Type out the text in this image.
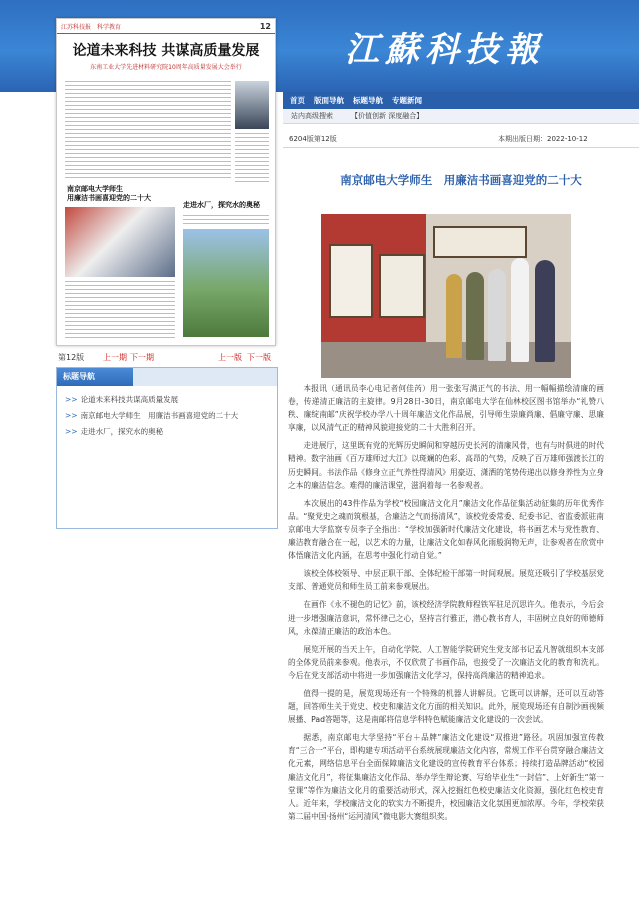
江蘇科技報
江苏科技报 科学教育	12
论道未来科技 共谋高质量发展
东南工业大学先进材料研究院10周年高质量发展大会举行
南京邮电大学师生
用廉洁书画喜迎党的二十大
走进水厂，探究水的奥秘
第12版 上一期 下一期	上一版 下一版
标题导航
>> 论道未来科技共谋高质量发展
>> 南京邮电大学师生　用廉洁书画喜迎党的二十大
>> 走进水厂，探究水的奥秘
首页 版面导航 标题导航 专题新闻
站内高级搜索	【价值创新 深度融合】
6204版第12版	本期出版日期：2022-10-12
南京邮电大学师生　用廉洁书画喜迎党的二十大

本报讯（通讯员李心电记者何佳芮）用一张张写满正气的书法、用一幅幅描绘清廉的画卷，传递清正廉洁的主旋律。9月28日-30日，南京邮电大学在仙林校区图书馆举办“礼赞八秩、廉绽南邮”庆祝学校办学八十周年廉洁文化作品展，引导师生崇廉尚廉、倡廉守廉、思廉享廉，以风清气正的精神风貌迎接党的二十大胜利召开。

走进展厅，这里既有党的光辉历史瞬间和穿越历史长河的清廉风骨，也有与时俱进的时代精神。数字油画《百万雄师过大江》以斑斓的色彩、高昂的气势，反映了百万雄师强渡长江的历史瞬间。书法作品《修身立正气养性得清风》用豪迈、潇洒的笔势传递出以修身养性为立身之本的廉洁信念。难得的廉洁课堂，滋润着每一名参观者。

本次展出的43件作品为学校“校园廉洁文化月”廉洁文化作品征集活动征集的历年优秀作品。“聚党史之魂而筑根基，合廉洁之气而扬清风”，该校党委常委、纪委书记、省监委派驻南京邮电大学监察专员李子全指出：“学校加强新时代廉洁文化建设，将书画艺术与党性教育、廉洁教育融合在一起，以艺术的力量，让廉洁文化如春风化雨般润物无声，让参观者在欣赏中体悟廉洁文化内涵，在思考中强化行动自觉。”

该校全体校领导、中层正职干部、全体纪检干部第一时间观展。展览还吸引了学校基层党支部、普通党员和师生员工前来参观展出。

在画作《永不褪色的记忆》前，该校经济学院教师程铁军驻足沉思许久。他表示，今后会进一步增强廉洁意识，常怀律己之心，坚持言行雅正，潜心教书育人，丰固树立良好的师德师风，永葆清正廉洁的政治本色。

展览开展的当天上午，自动化学院、人工智能学院研究生党支部书记孟凡智就组织本支部的全体党员前来参观。他表示，不仅欣赏了书画作品，也接受了一次廉洁文化的教育和洗礼。今后在党支部活动中将进一步加强廉洁文化学习，保持高尚廉洁的精神追求。

值得一提的是，展览现场还有一个特殊的机器人讲解员。它既可以讲解，还可以互动答题，回答师生关于党史、校史和廉洁文化方面的相关知识。此外，展览现场还有自制沙画视频展播、Pad答题等，这是南邮将信息学科特色赋能廉洁文化建设的一次尝试。

据悉，南京邮电大学坚持“平台＋品牌”廉洁文化建设“双推进”路径。巩固加强宣传教育“三合一”平台，即构建专项活动平台系统展现廉洁文化内容，常规工作平台贯穿融合廉洁文化元素，网络信息平台全面保障廉洁文化建设的宣传教育平台体系；持续打造品牌活动“校园廉洁文化月”，将征集廉洁文化作品、举办学生辩论赛、写给毕业生“一封信”、上好新生“第一堂课”等作为廉洁文化月的重要活动形式，深入挖掘红色校史廉洁文化资源，强化红色校史育人。近年来，学校廉洁文化的软实力不断提升，校园廉洁文化氛围更加浓厚。今年，学校荣获第二届中国·扬州“运河清风”微电影大赛组织奖。
